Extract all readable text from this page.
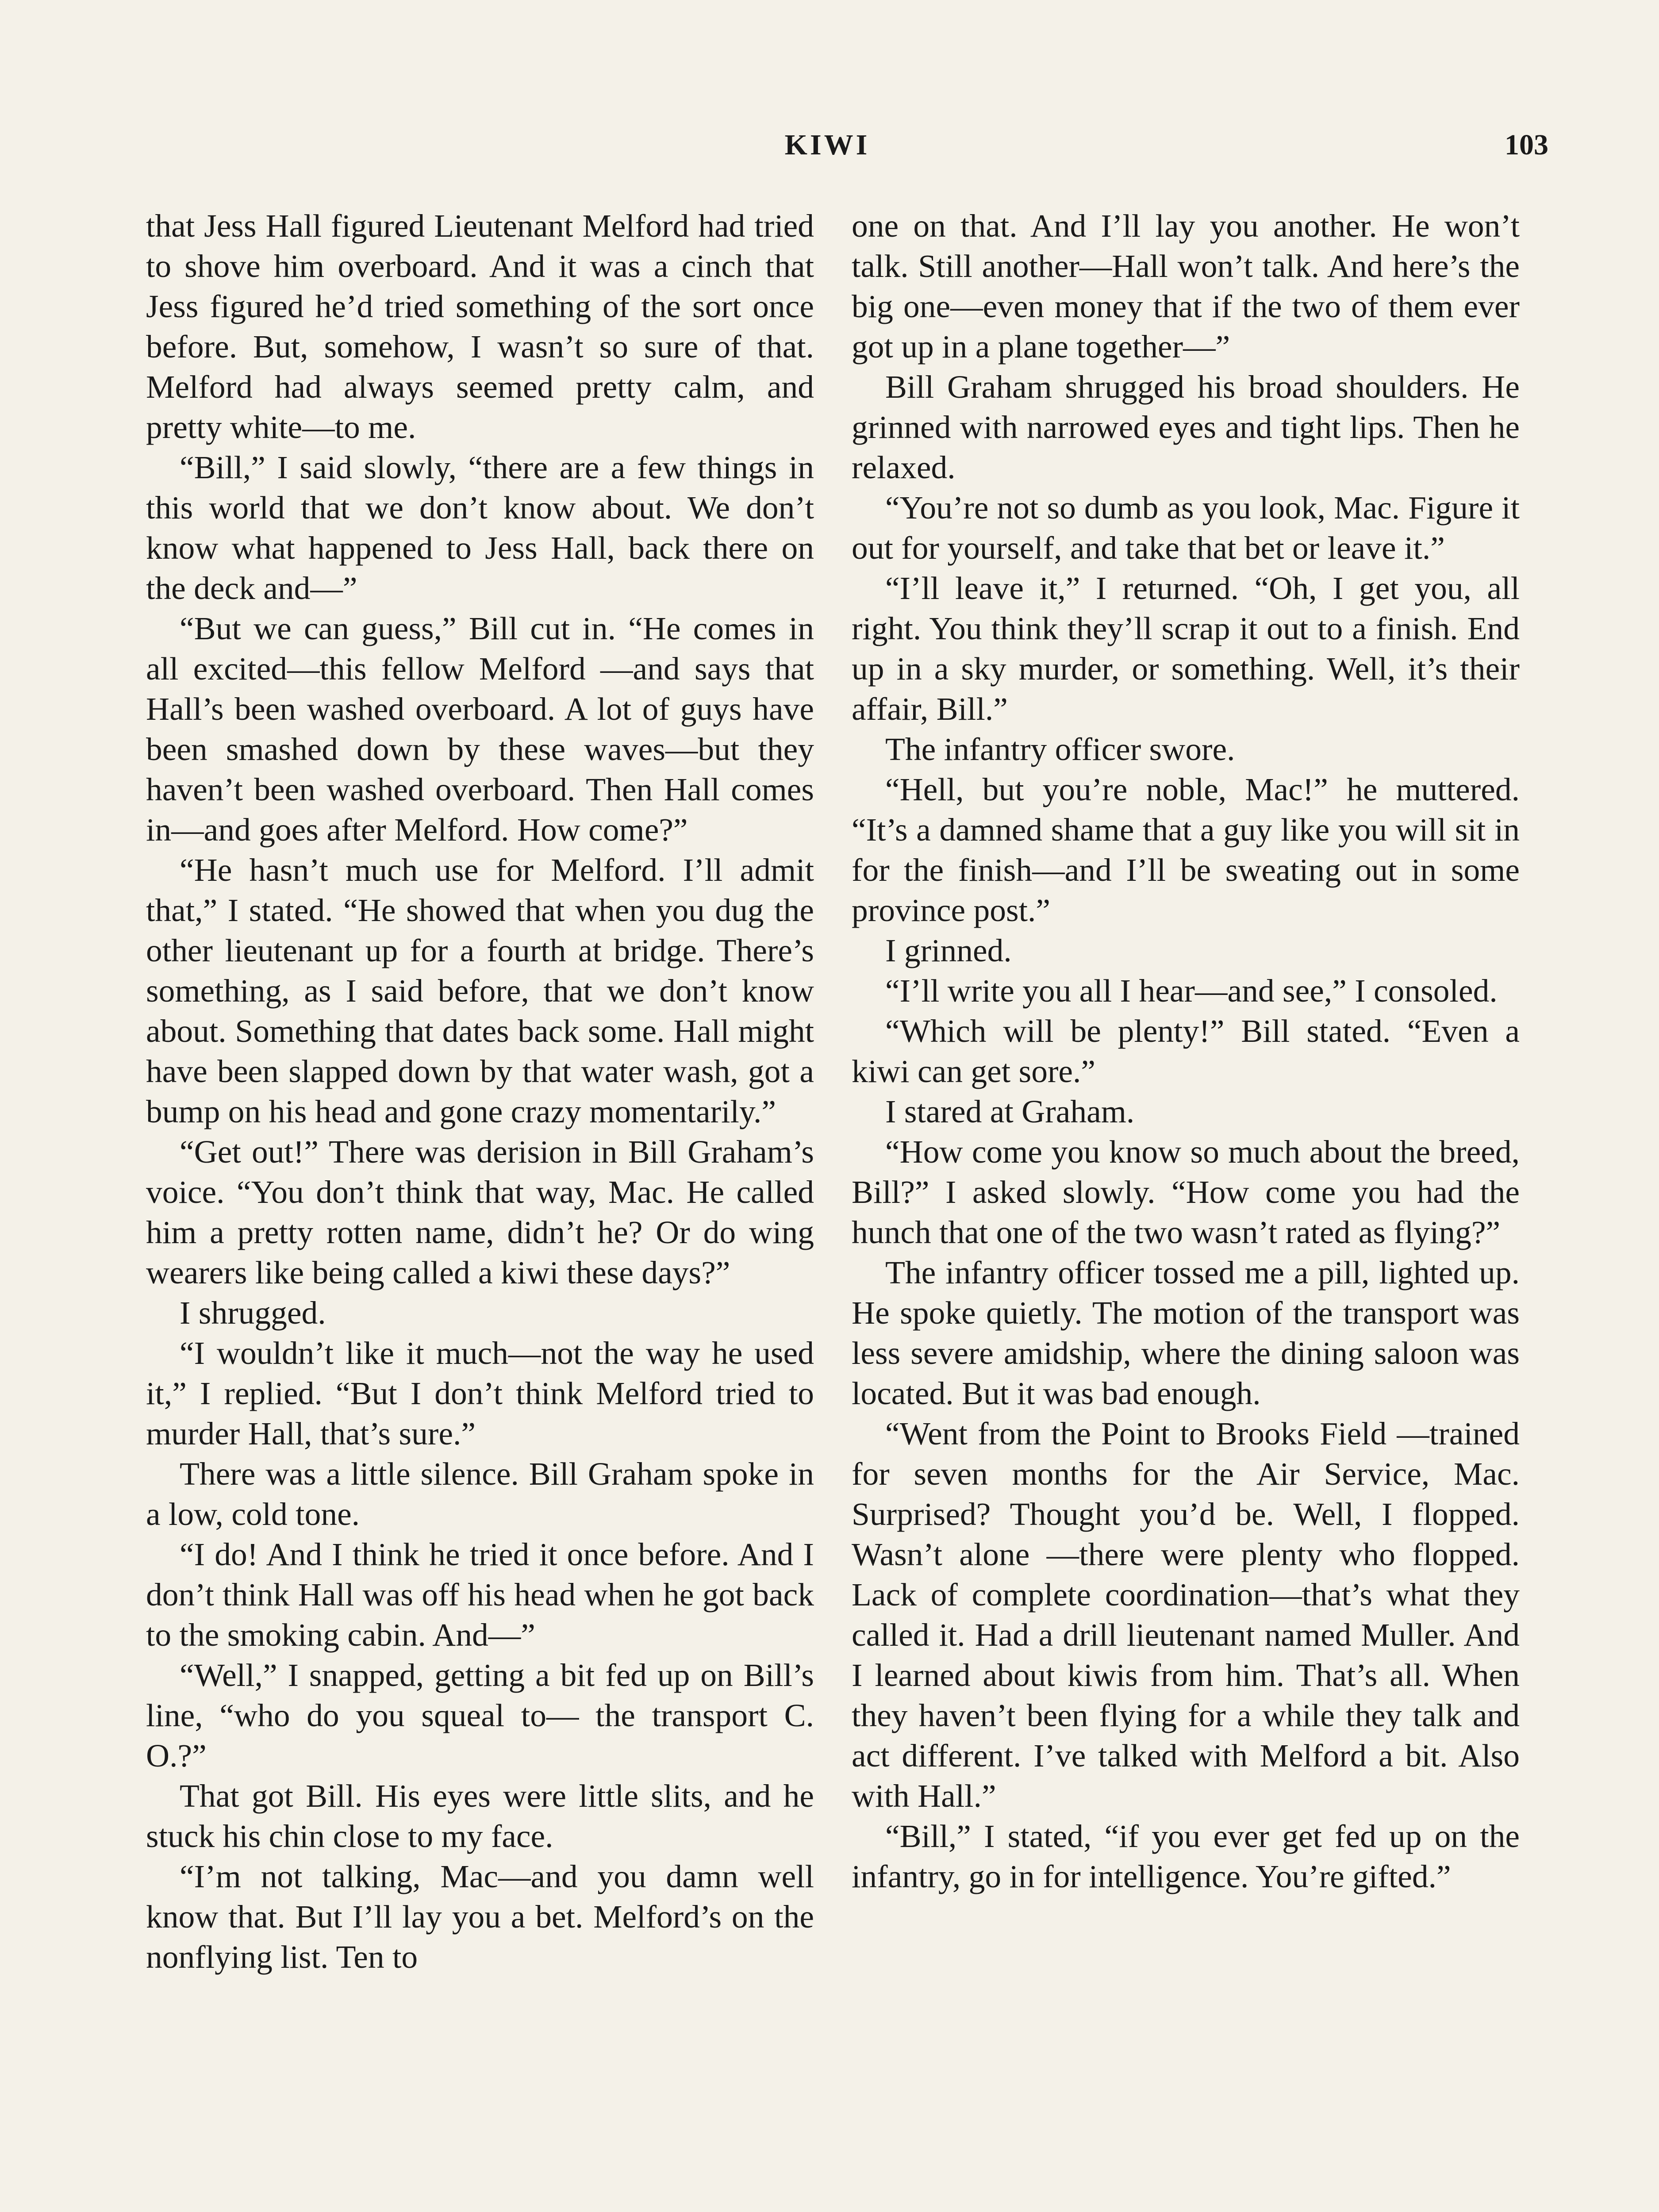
KIWI	103

that Jess Hall figured Lieutenant Melford had tried to shove him overboard. And it was a cinch that Jess figured he’d tried something of the sort once before. But, somehow, I wasn’t so sure of that. Melford had always seemed pretty calm, and pretty white—to me.

“Bill,” I said slowly, “there are a few things in this world that we don’t know about. We don’t know what happened to Jess Hall, back there on the deck and—”

“But we can guess,” Bill cut in. “He comes in all excited—this fellow Melford —and says that Hall’s been washed overboard. A lot of guys have been smashed down by these waves—but they haven’t been washed overboard. Then Hall comes in—and goes after Melford. How come?”

“He hasn’t much use for Melford. I’ll admit that,” I stated. “He showed that when you dug the other lieutenant up for a fourth at bridge. There’s something, as I said before, that we don’t know about. Something that dates back some. Hall might have been slapped down by that water wash, got a bump on his head and gone crazy momentarily.”

“Get out!” There was derision in Bill Graham’s voice. “You don’t think that way, Mac. He called him a pretty rotten name, didn’t he? Or do wing wearers like being called a kiwi these days?”

I shrugged.

“I wouldn’t like it much—not the way he used it,” I replied. “But I don’t think Melford tried to murder Hall, that’s sure.”

There was a little silence. Bill Graham spoke in a low, cold tone.

“I do! And I think he tried it once before. And I don’t think Hall was off his head when he got back to the smoking cabin. And—”

“Well,” I snapped, getting a bit fed up on Bill’s line, “who do you squeal to— the transport C. O.?”

That got Bill. His eyes were little slits, and he stuck his chin close to my face.

“I’m not talking, Mac—and you damn well know that. But I’ll lay you a bet. Melford’s on the nonflying list. Ten to

one on that. And I’ll lay you another. He won’t talk. Still another—Hall won’t talk. And here’s the big one—even money that if the two of them ever got up in a plane together—”

Bill Graham shrugged his broad shoulders. He grinned with narrowed eyes and tight lips. Then he relaxed.

“You’re not so dumb as you look, Mac. Figure it out for yourself, and take that bet or leave it.”

“I’ll leave it,” I returned. “Oh, I get you, all right. You think they’ll scrap it out to a finish. End up in a sky murder, or something. Well, it’s their affair, Bill.”

The infantry officer swore.

“Hell, but you’re noble, Mac!” he muttered. “It’s a damned shame that a guy like you will sit in for the finish—and I’ll be sweating out in some province post.”

I grinned.

“I’ll write you all I hear—and see,” I consoled.

“Which will be plenty!” Bill stated. “Even a kiwi can get sore.”

I stared at Graham.

“How come you know so much about the breed, Bill?” I asked slowly. “How come you had the hunch that one of the two wasn’t rated as flying?”

The infantry officer tossed me a pill, lighted up. He spoke quietly. The motion of the transport was less severe amidship, where the dining saloon was located. But it was bad enough.

“Went from the Point to Brooks Field —trained for seven months for the Air Service, Mac. Surprised? Thought you’d be. Well, I flopped. Wasn’t alone —there were plenty who flopped. Lack of complete coordination—that’s what they called it. Had a drill lieutenant named Muller. And I learned about kiwis from him. That’s all. When they haven’t been flying for a while they talk and act different. I’ve talked with Melford a bit. Also with Hall.”

“Bill,” I stated, “if you ever get fed up on the infantry, go in for intelligence. You’re gifted.”
